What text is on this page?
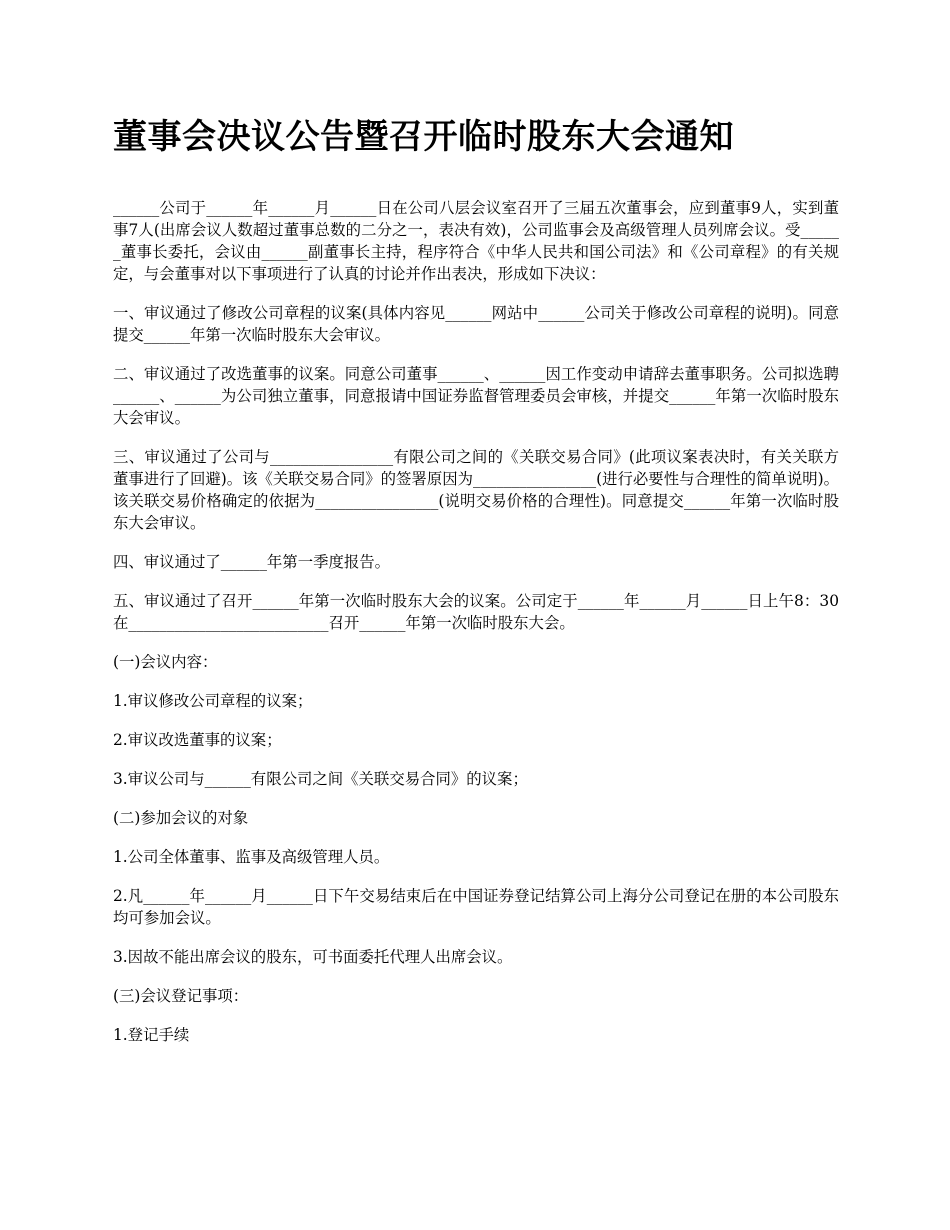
董事会决议公告暨召开临时股东大会通知

______公司于______年______月______日在公司八层会议室召开了三届五次董事会，应到董事9人，实到董事7人(出席会议人数超过董事总数的二分之一，表决有效)，公司监事会及高级管理人员列席会议。受______董事长委托，会议由______副董事长主持，程序符合《中华人民共和国公司法》和《公司章程》的有关规定，与会董事对以下事项进行了认真的讨论并作出表决，形成如下决议：

一、审议通过了修改公司章程的议案(具体内容见______网站中______公司关于修改公司章程的说明)。同意提交______年第一次临时股东大会审议。

二、审议通过了改选董事的议案。同意公司董事______、______因工作变动申请辞去董事职务。公司拟选聘______、______为公司独立董事，同意报请中国证券监督管理委员会审核，并提交______年第一次临时股东大会审议。

三、审议通过了公司与________________有限公司之间的《关联交易合同》(此项议案表决时，有关关联方董事进行了回避)。该《关联交易合同》的签署原因为________________(进行必要性与合理性的简单说明)。该关联交易价格确定的依据为________________(说明交易价格的合理性)。同意提交______年第一次临时股东大会审议。

四、审议通过了______年第一季度报告。

五、审议通过了召开______年第一次临时股东大会的议案。公司定于______年______月______日上午8：30在__________________________召开______年第一次临时股东大会。

(一)会议内容：

1.审议修改公司章程的议案；

2.审议改选董事的议案；

3.审议公司与______有限公司之间《关联交易合同》的议案；

(二)参加会议的对象

1.公司全体董事、监事及高级管理人员。

2.凡______年______月______日下午交易结束后在中国证券登记结算公司上海分公司登记在册的本公司股东均可参加会议。

3.因故不能出席会议的股东，可书面委托代理人出席会议。

(三)会议登记事项：

1.登记手续
